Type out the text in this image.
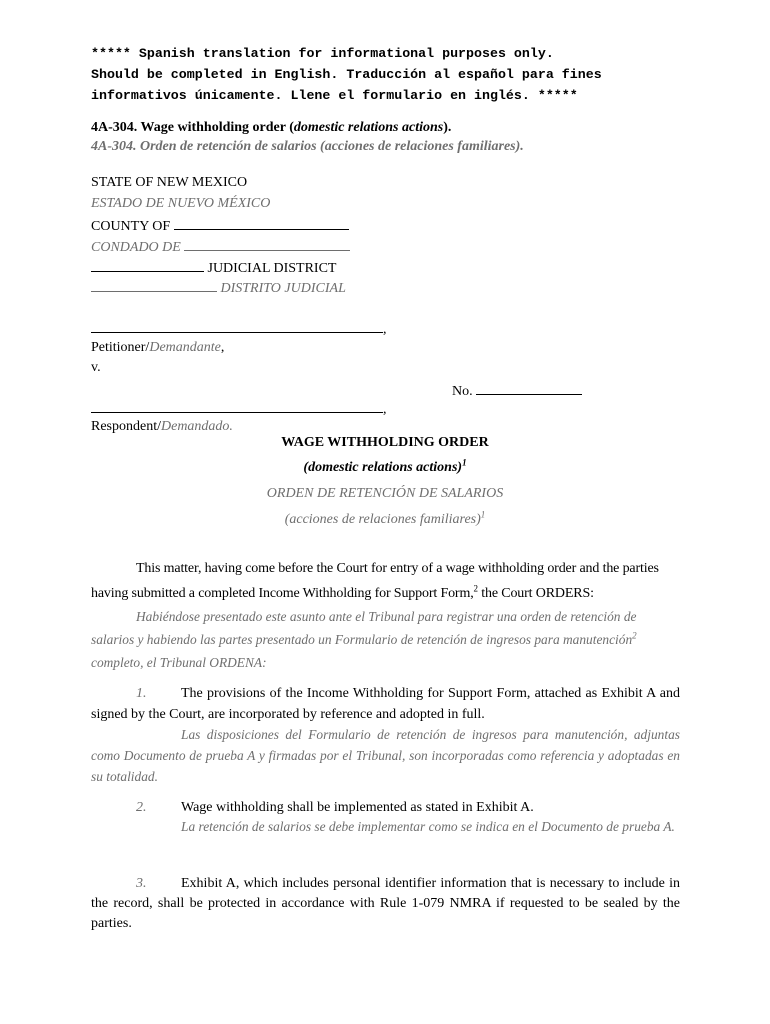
***** Spanish translation for informational purposes only.
Should be completed in English. Traducción al español para fines
informativos únicamente. Llene el formulario en inglés. *****
4A-304. Wage withholding order (domestic relations actions).
4A-304. Orden de retención de salarios (acciones de relaciones familiares).
STATE OF NEW MEXICO
ESTADO DE NUEVO MÉXICO
COUNTY OF
CONDADO DE
JUDICIAL DISTRICT
DISTRITO JUDICIAL
,
Petitioner/Demandante,
v.
No.
,
Respondent/Demandado.
WAGE WITHHOLDING ORDER
(domestic relations actions)$^1$
ORDEN DE RETENCIÓN DE SALARIOS
(acciones de relaciones familiares)$^1$
This matter, having come before the Court for entry of a wage withholding order and the parties having submitted a completed Income Withholding for Support Form,$^2$ the Court ORDERS:
Habiéndose presentado este asunto ante el Tribunal para registrar una orden de retención de salarios y habiendo las partes presentado un Formulario de retención de ingresos para manutención$^2$ completo, el Tribunal ORDENA:
1. The provisions of the Income Withholding for Support Form, attached as Exhibit A and signed by the Court, are incorporated by reference and adopted in full.
Las disposiciones del Formulario de retención de ingresos para manutención, adjuntas como Documento de prueba A y firmadas por el Tribunal, son incorporadas como referencia y adoptadas en su totalidad.
2. Wage withholding shall be implemented as stated in Exhibit A.
La retención de salarios se debe implementar como se indica en el Documento de prueba A.
3. Exhibit A, which includes personal identifier information that is necessary to include in the record, shall be protected in accordance with Rule 1-079 NMRA if requested to be sealed by the parties.
